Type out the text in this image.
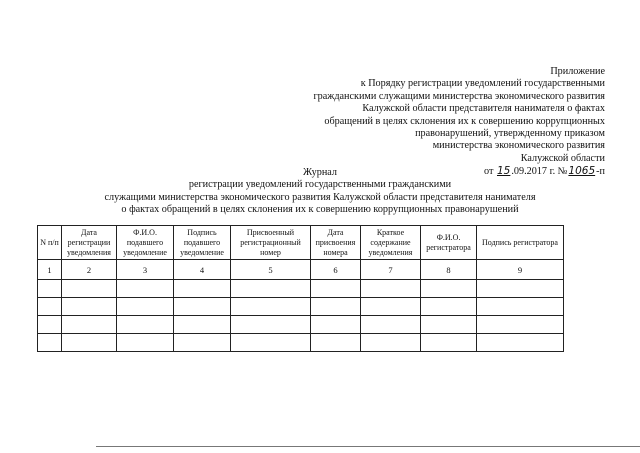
Приложение
к Порядку регистрации уведомлений государственными
гражданскими служащими министерства экономического развития
Калужской области представителя нанимателя о фактах
обращений в целях склонения их к совершению коррупционных
правонарушений, утвержденному приказом
министерства экономического развития
Калужской области
от 15.09.2017 г. №1065-п
Журнал
регистрации уведомлений государственными гражданскими
служащими министерства экономического развития Калужской области представителя нанимателя
о фактах обращений в целях склонения их к совершению коррупционных правонарушений
N п/п	Дата регистрации уведомления	Ф.И.О. подавшего уведомление	Подпись подавшего уведомление	Присвоенный регистрационный номер	Дата присвоения номера	Краткое содержание уведомления	Ф.И.О. регистратора	Подпись регистратора
1	2	3	4	5	6	7	8	9
